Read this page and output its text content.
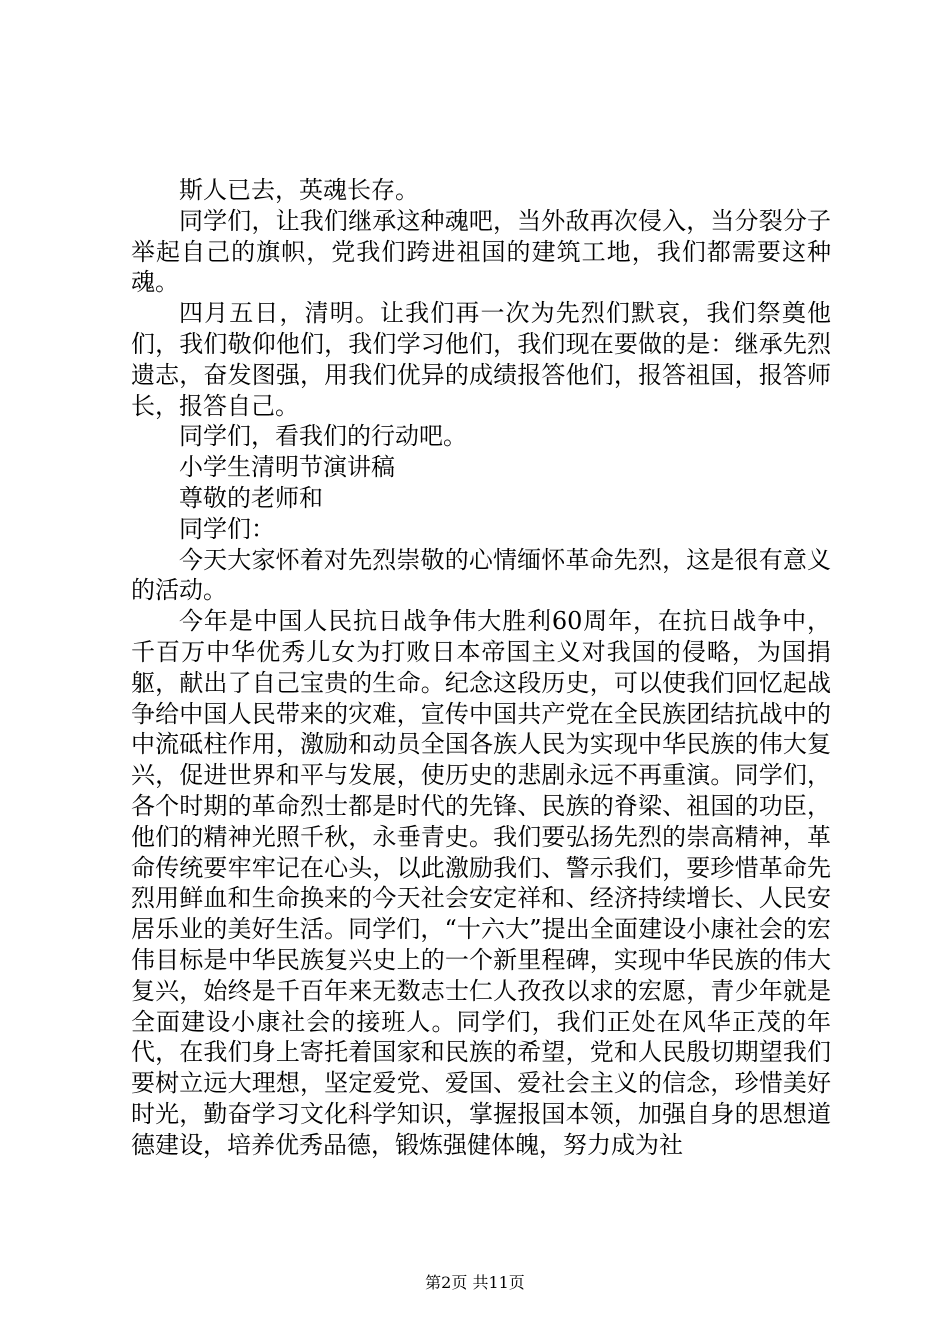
斯人已去，英魂长存。

同学们，让我们继承这种魂吧，当外敌再次侵入，当分裂分子举起自己的旗帜，党我们跨进祖国的建筑工地，我们都需要这种魂。

四月五日，清明。让我们再一次为先烈们默哀，我们祭奠他们，我们敬仰他们，我们学习他们，我们现在要做的是：继承先烈遗志，奋发图强，用我们优异的成绩报答他们，报答祖国，报答师长，报答自己。

同学们，看我们的行动吧。

小学生清明节演讲稿

尊敬的老师和

同学们：

今天大家怀着对先烈崇敬的心情缅怀革命先烈，这是很有意义的活动。

今年是中国人民抗日战争伟大胜利60周年，在抗日战争中，千百万中华优秀儿女为打败日本帝国主义对我国的侵略，为国捐躯，献出了自己宝贵的生命。纪念这段历史，可以使我们回忆起战争给中国人民带来的灾难，宣传中国共产党在全民族团结抗战中的中流砥柱作用，激励和动员全国各族人民为实现中华民族的伟大复兴，促进世界和平与发展，使历史的悲剧永远不再重演。同学们，各个时期的革命烈士都是时代的先锋、民族的脊梁、祖国的功臣，他们的精神光照千秋，永垂青史。我们要弘扬先烈的崇高精神，革命传统要牢牢记在心头，以此激励我们、警示我们，要珍惜革命先烈用鲜血和生命换来的今天社会安定祥和、经济持续增长、人民安居乐业的美好生活。同学们，“十六大”提出全面建设小康社会的宏伟目标是中华民族复兴史上的一个新里程碑，实现中华民族的伟大复兴，始终是千百年来无数志士仁人孜孜以求的宏愿，青少年就是全面建设小康社会的接班人。同学们，我们正处在风华正茂的年代，在我们身上寄托着国家和民族的希望，党和人民殷切期望我们要树立远大理想，坚定爱党、爱国、爱社会主义的信念，珍惜美好时光，勤奋学习文化科学知识，掌握报国本领，加强自身的思想道德建设，培养优秀品德，锻炼强健体魄，努力成为社

第2页 共11页
